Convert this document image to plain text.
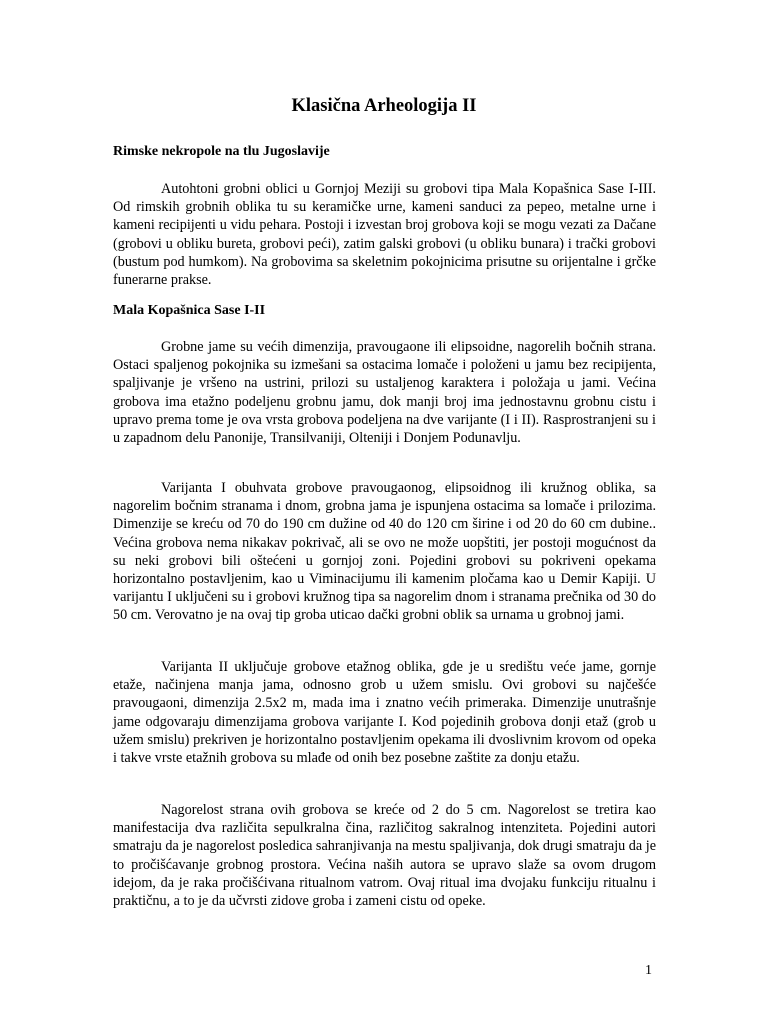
Klasična Arheologija II
Rimske nekropole na tlu Jugoslavije

Autohtoni grobni oblici u Gornjoj Meziji su grobovi tipa Mala Kopašnica Sase I-III. Od rimskih grobnih oblika tu su keramičke urne, kameni sanduci za pepeo, metalne urne i kameni recipijenti u vidu pehara. Postoji i izvestan broj grobova koji se mogu vezati za Dačane (grobovi u obliku bureta, grobovi peći), zatim galski grobovi (u obliku bunara) i trački grobovi (bustum pod humkom). Na grobovima sa skeletnim pokojnicima prisutne su orijentalne i grčke funerarne prakse.

Mala Kopašnica Sase I-II

Grobne jame su većih dimenzija, pravougaone ili elipsoidne, nagorelih bočnih strana. Ostaci spaljenog pokojnika su izmešani sa ostacima lomače i položeni u jamu bez recipijenta, spaljivanje je vršeno na ustrini, prilozi su ustaljenog karaktera i položaja u jami. Većina grobova ima etažno podeljenu grobnu jamu, dok manji broj ima jednostavnu grobnu cistu i upravo prema tome je ova vrsta grobova podeljena na dve varijante (I i II). Rasprostranjeni su i u zapadnom delu Panonije, Transilvaniji, Olteniji i Donjem Podunavlju.

Varijanta I obuhvata grobove pravougaonog, elipsoidnog ili kružnog oblika, sa nagorelim bočnim stranama i dnom, grobna jama je ispunjena ostacima sa lomače i prilozima. Dimenzije se kreću od 70 do 190 cm dužine od 40 do 120 cm širine i od 20 do 60 cm dubine.. Većina grobova nema nikakav pokrivač, ali se ovo ne može uopštiti, jer postoji mogućnost da su neki grobovi bili oštećeni u gornjoj zoni. Pojedini grobovi su pokriveni opekama horizontalno postavljenim, kao u Viminacijumu ili kamenim pločama kao u Demir Kapiji. U varijantu I uključeni su i grobovi kružnog tipa sa nagorelim dnom i stranama prečnika od 30 do 50 cm. Verovatno je na ovaj tip groba uticao dački grobni oblik sa urnama u grobnoj jami.

Varijanta II uključuje grobove etažnog oblika, gde je u središtu veće jame, gornje etaže, načinjena manja jama, odnosno grob u užem smislu. Ovi grobovi su najčešće pravougaoni, dimenzija 2.5x2 m, mada ima i znatno većih primeraka. Dimenzije unutrašnje jame odgovaraju dimenzijama grobova varijante I. Kod pojedinih grobova donji etaž (grob u užem smislu) prekriven je horizontalno postavljenim opekama ili dvoslivnim krovom od opeka i takve vrste etažnih grobova su mlađe od onih bez posebne zaštite za donju etažu.

Nagorelost strana ovih grobova se kreće od 2 do 5 cm. Nagorelost se tretira kao manifestacija dva različita sepulkralna čina, različitog sakralnog intenziteta. Pojedini autori smatraju da je nagorelost posledica sahranjivanja na mestu spaljivanja, dok drugi smatraju da je to pročišćavanje grobnog prostora. Većina naših autora se upravo slaže sa ovom drugom idejom, da je raka pročišćivana ritualnom vatrom. Ovaj ritual ima dvojaku funkciju ritualnu i praktičnu, a to je da učvrsti zidove groba i zameni cistu od opeke.

1
